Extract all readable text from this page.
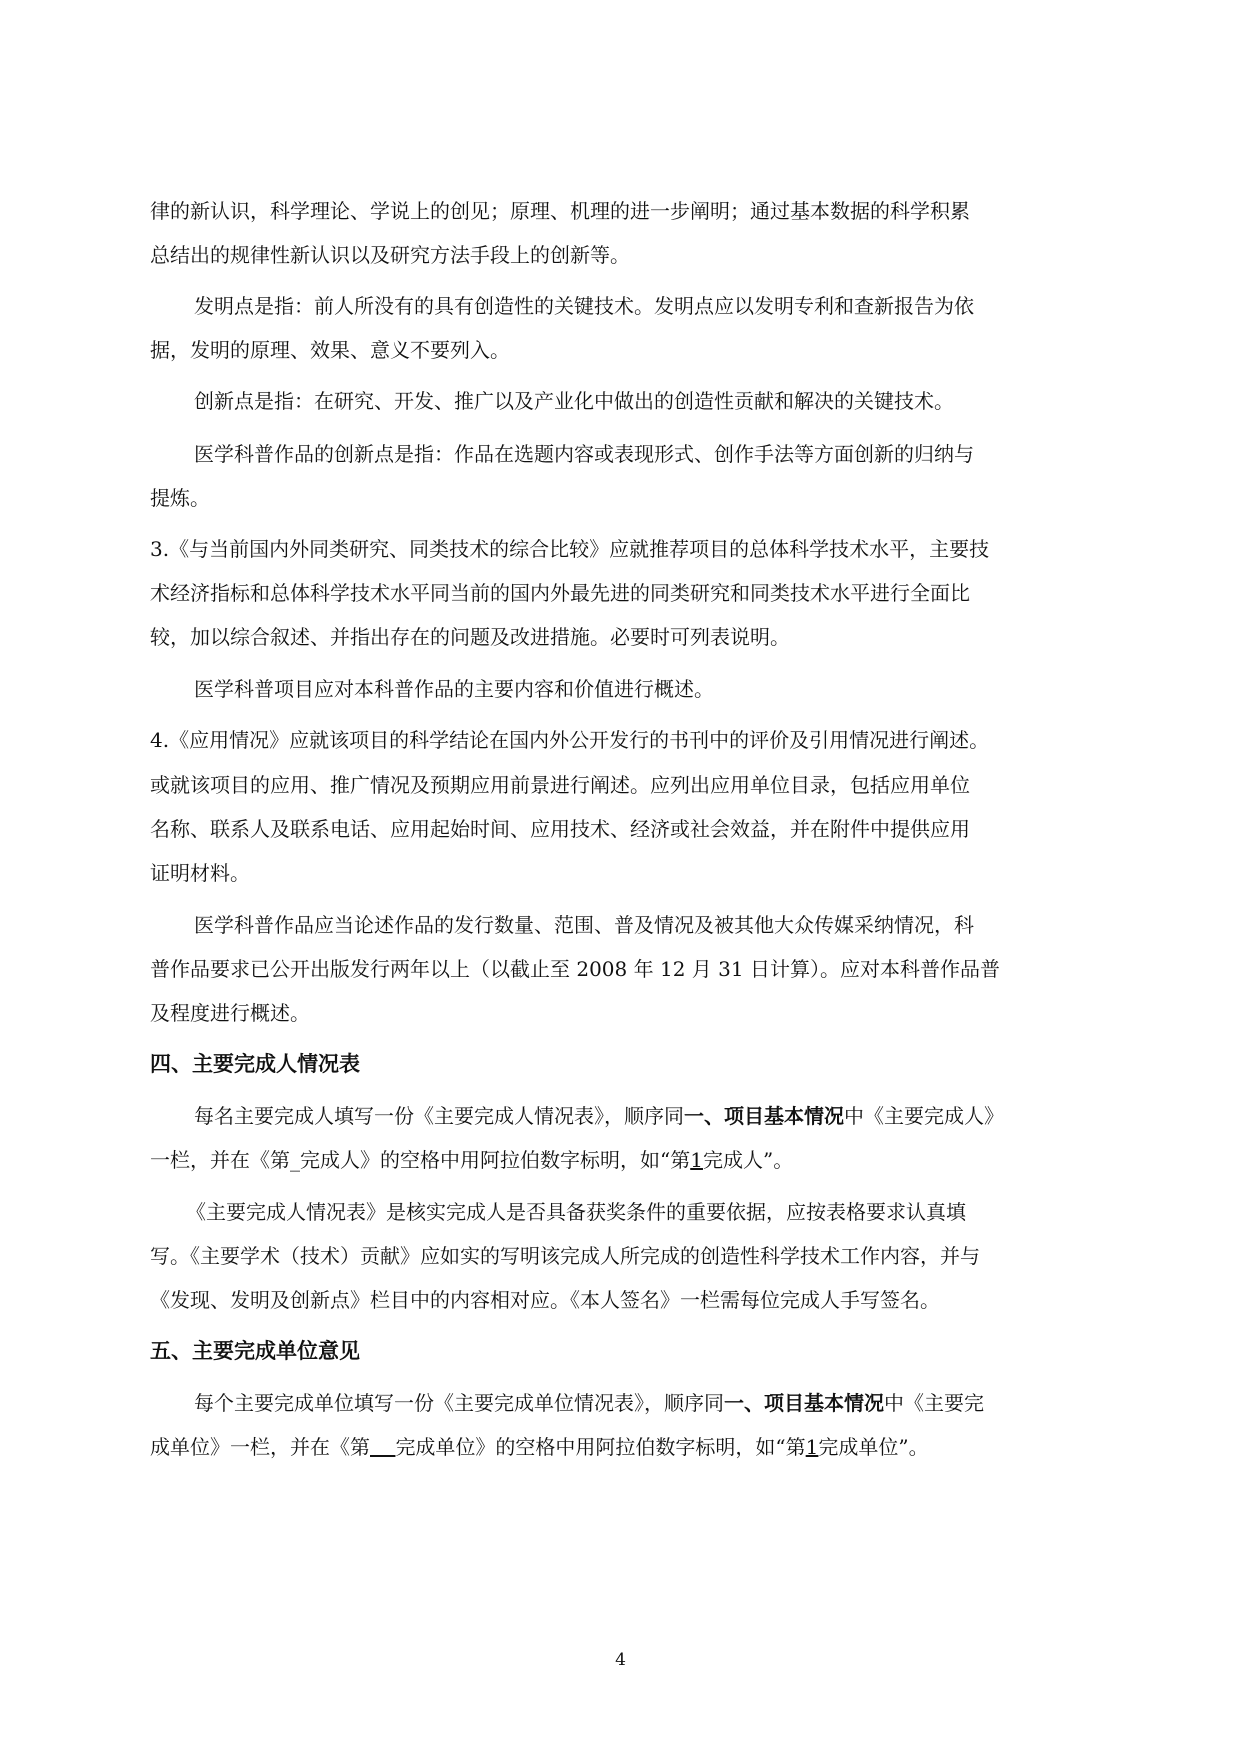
律的新认识，科学理论、学说上的创见；原理、机理的进一步阐明；通过基本数据的科学积累
总结出的规律性新认识以及研究方法手段上的创新等。
发明点是指：前人所没有的具有创造性的关键技术。发明点应以发明专利和查新报告为依
据，发明的原理、效果、意义不要列入。
创新点是指：在研究、开发、推广以及产业化中做出的创造性贡献和解决的关键技术。
医学科普作品的创新点是指：作品在选题内容或表现形式、创作手法等方面创新的归纳与
提炼。
3.《与当前国内外同类研究、同类技术的综合比较》应就推荐项目的总体科学技术水平，主要技
术经济指标和总体科学技术水平同当前的国内外最先进的同类研究和同类技术水平进行全面比
较，加以综合叙述、并指出存在的问题及改进措施。必要时可列表说明。
医学科普项目应对本科普作品的主要内容和价值进行概述。
4.《应用情况》应就该项目的科学结论在国内外公开发行的书刊中的评价及引用情况进行阐述。
或就该项目的应用、推广情况及预期应用前景进行阐述。应列出应用单位目录，包括应用单位
名称、联系人及联系电话、应用起始时间、应用技术、经济或社会效益，并在附件中提供应用
证明材料。
医学科普作品应当论述作品的发行数量、范围、普及情况及被其他大众传媒采纳情况，科
普作品要求已公开出版发行两年以上（以截止至 2008 年 12 月 31 日计算）。应对本科普作品普
及程度进行概述。
四、主要完成人情况表
每名主要完成人填写一份《主要完成人情况表》，顺序同一、项目基本情况中《主要完成人》
一栏，并在《第_完成人》的空格中用阿拉伯数字标明，如“第1完成人”。
《主要完成人情况表》是核实完成人是否具备获奖条件的重要依据，应按表格要求认真填
写。《主要学术（技术）贡献》应如实的写明该完成人所完成的创造性科学技术工作内容，并与
《发现、发明及创新点》栏目中的内容相对应。《本人签名》一栏需每位完成人手写签名。
五、主要完成单位意见
每个主要完成单位填写一份《主要完成单位情况表》，顺序同一、项目基本情况中《主要完
成单位》一栏，并在《第 完成单位》的空格中用阿拉伯数字标明，如“第1完成单位”。
4
